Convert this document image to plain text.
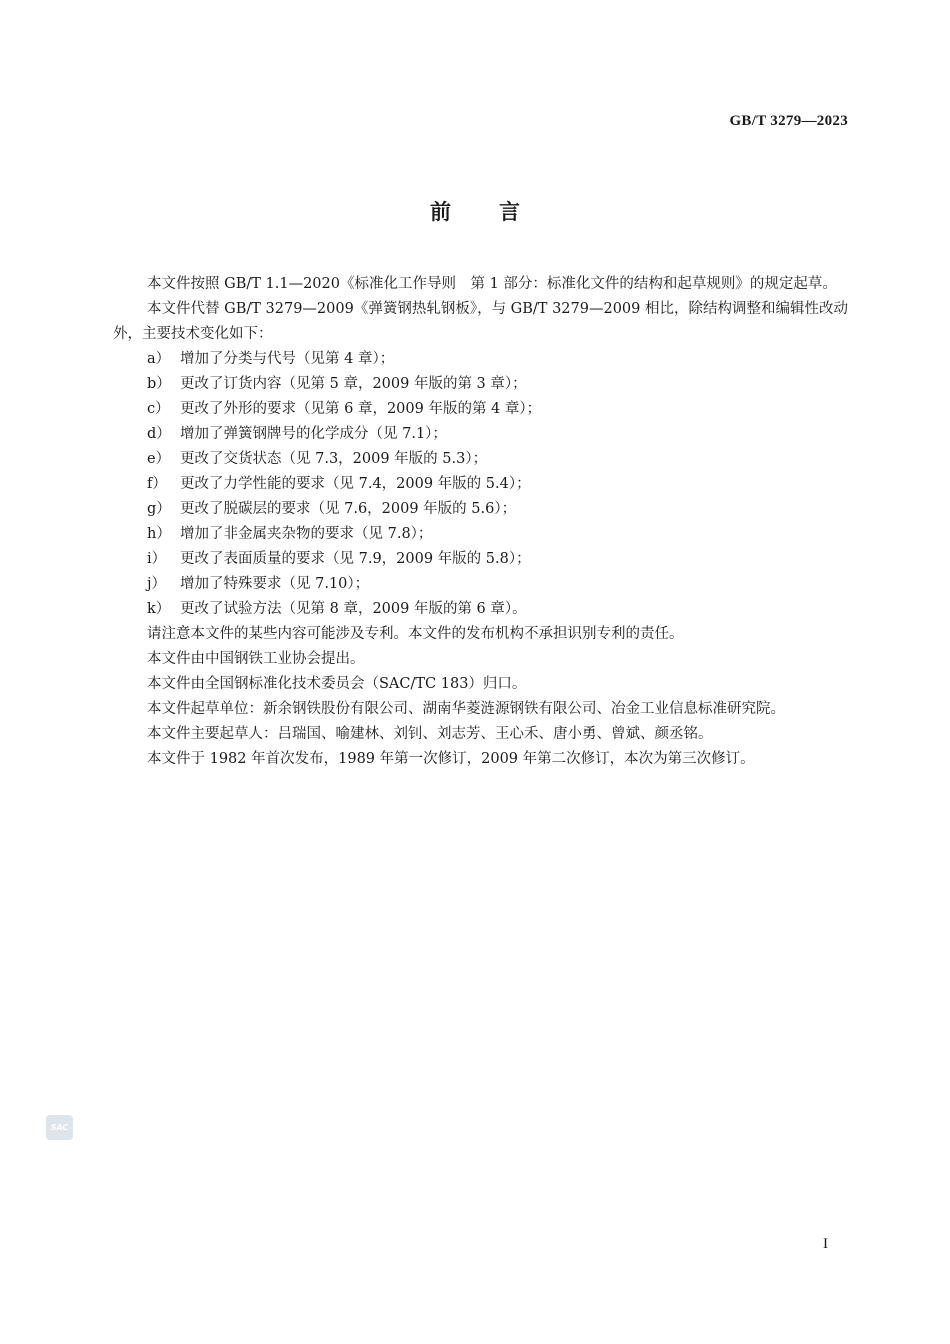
GB/T 3279—2023
前言

本文件按照 GB/T 1.1—2020《标准化工作导则　第 1 部分：标准化文件的结构和起草规则》的规定起草。

本文件代替 GB/T 3279—2009《弹簧钢热轧钢板》，与 GB/T 3279—2009 相比，除结构调整和编辑性改动外，主要技术变化如下：

a） 增加了分类与代号（见第 4 章）；
b） 更改了订货内容（见第 5 章，2009 年版的第 3 章）；
c） 更改了外形的要求（见第 6 章，2009 年版的第 4 章）；
d） 增加了弹簧钢牌号的化学成分（见 7.1）；
e） 更改了交货状态（见 7.3，2009 年版的 5.3）；
f） 更改了力学性能的要求（见 7.4，2009 年版的 5.4）；
g） 更改了脱碳层的要求（见 7.6，2009 年版的 5.6）；
h） 增加了非金属夹杂物的要求（见 7.8）；
i） 更改了表面质量的要求（见 7.9，2009 年版的 5.8）；
j） 增加了特殊要求（见 7.10）；
k） 更改了试验方法（见第 8 章，2009 年版的第 6 章）。

请注意本文件的某些内容可能涉及专利。本文件的发布机构不承担识别专利的责任。

本文件由中国钢铁工业协会提出。

本文件由全国钢标准化技术委员会（SAC/TC 183）归口。

本文件起草单位：新余钢铁股份有限公司、湖南华菱涟源钢铁有限公司、冶金工业信息标准研究院。

本文件主要起草人：吕瑞国、喻建林、刘钊、刘志芳、王心禾、唐小勇、曾斌、颜丞铭。

本文件于 1982 年首次发布，1989 年第一次修订，2009 年第二次修订，本次为第三次修订。

SAC
I
